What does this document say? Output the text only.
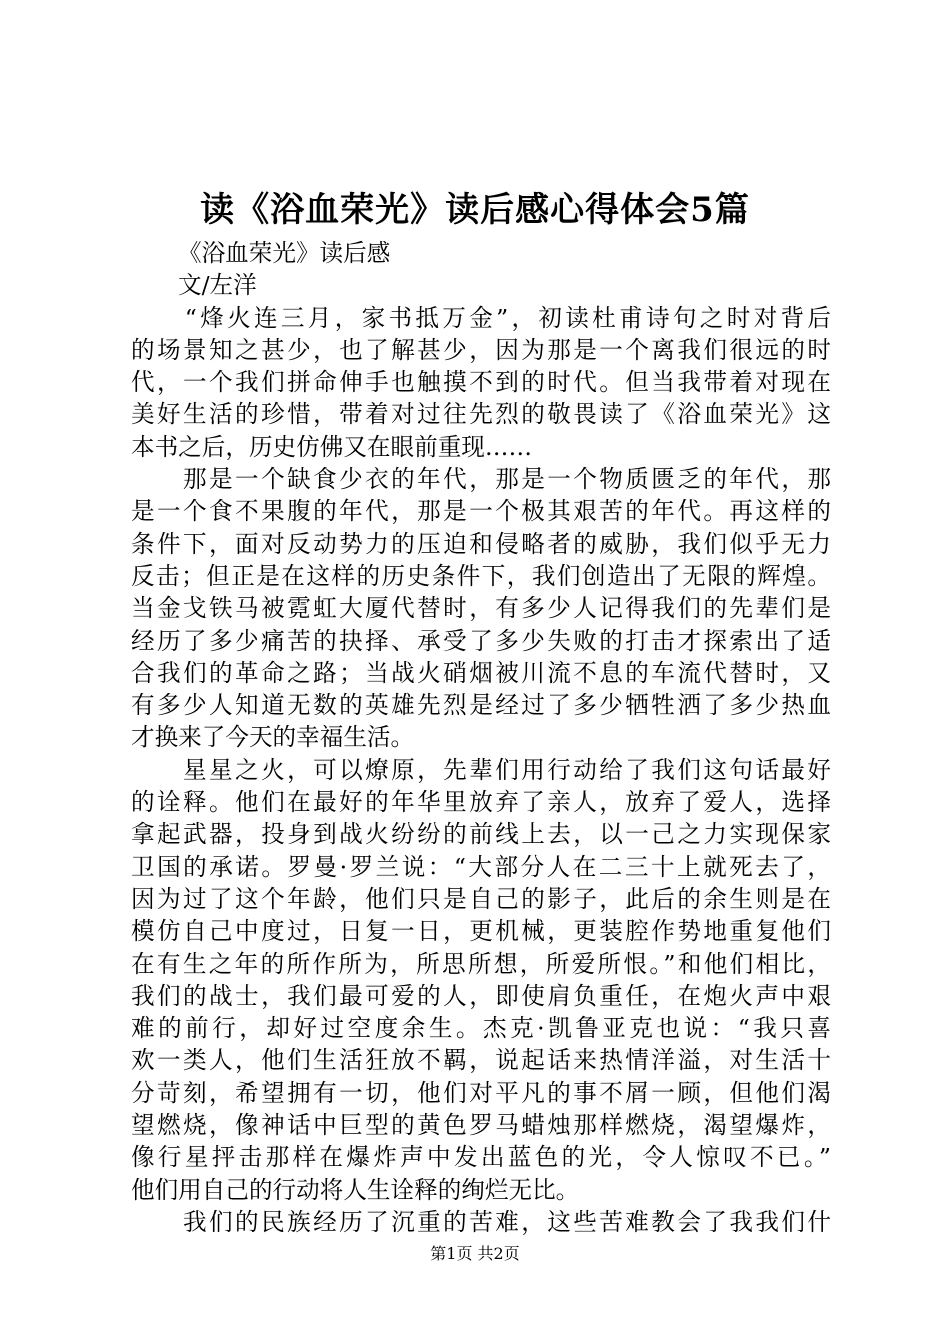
读《浴血荣光》读后感心得体会5篇
《浴血荣光》读后感
文/左洋
　　“烽火连三月，家书抵万金”，初读杜甫诗句之时对背后
的场景知之甚少，也了解甚少，因为那是一个离我们很远的时
代，一个我们拼命伸手也触摸不到的时代。但当我带着对现在
美好生活的珍惜，带着对过往先烈的敬畏读了《浴血荣光》这
本书之后，历史仿佛又在眼前重现……
　　那是一个缺食少衣的年代，那是一个物质匮乏的年代，那
是一个食不果腹的年代，那是一个极其艰苦的年代。再这样的
条件下，面对反动势力的压迫和侵略者的威胁，我们似乎无力
反击；但正是在这样的历史条件下，我们创造出了无限的辉煌。
当金戈铁马被霓虹大厦代替时，有多少人记得我们的先辈们是
经历了多少痛苦的抉择、承受了多少失败的打击才探索出了适
合我们的革命之路；当战火硝烟被川流不息的车流代替时，又
有多少人知道无数的英雄先烈是经过了多少牺牲洒了多少热血
才换来了今天的幸福生活。
　　星星之火，可以燎原，先辈们用行动给了我们这句话最好
的诠释。他们在最好的年华里放弃了亲人，放弃了爱人，选择
拿起武器，投身到战火纷纷的前线上去，以一己之力实现保家
卫国的承诺。罗曼·罗兰说：“大部分人在二三十上就死去了，
因为过了这个年龄，他们只是自己的影子，此后的余生则是在
模仿自己中度过，日复一日，更机械，更装腔作势地重复他们
在有生之年的所作所为，所思所想，所爱所恨。”和他们相比，
我们的战士，我们最可爱的人，即使肩负重任，在炮火声中艰
难的前行，却好过空度余生。杰克·凯鲁亚克也说：“我只喜
欢一类人，他们生活狂放不羁，说起话来热情洋溢，对生活十
分苛刻，希望拥有一切，他们对平凡的事不屑一顾，但他们渴
望燃烧，像神话中巨型的黄色罗马蜡烛那样燃烧，渴望爆炸，
像行星抨击那样在爆炸声中发出蓝色的光，令人惊叹不已。”
他们用自己的行动将人生诠释的绚烂无比。
　　我们的民族经历了沉重的苦难，这些苦难教会了我我们什
第1页 共2页
